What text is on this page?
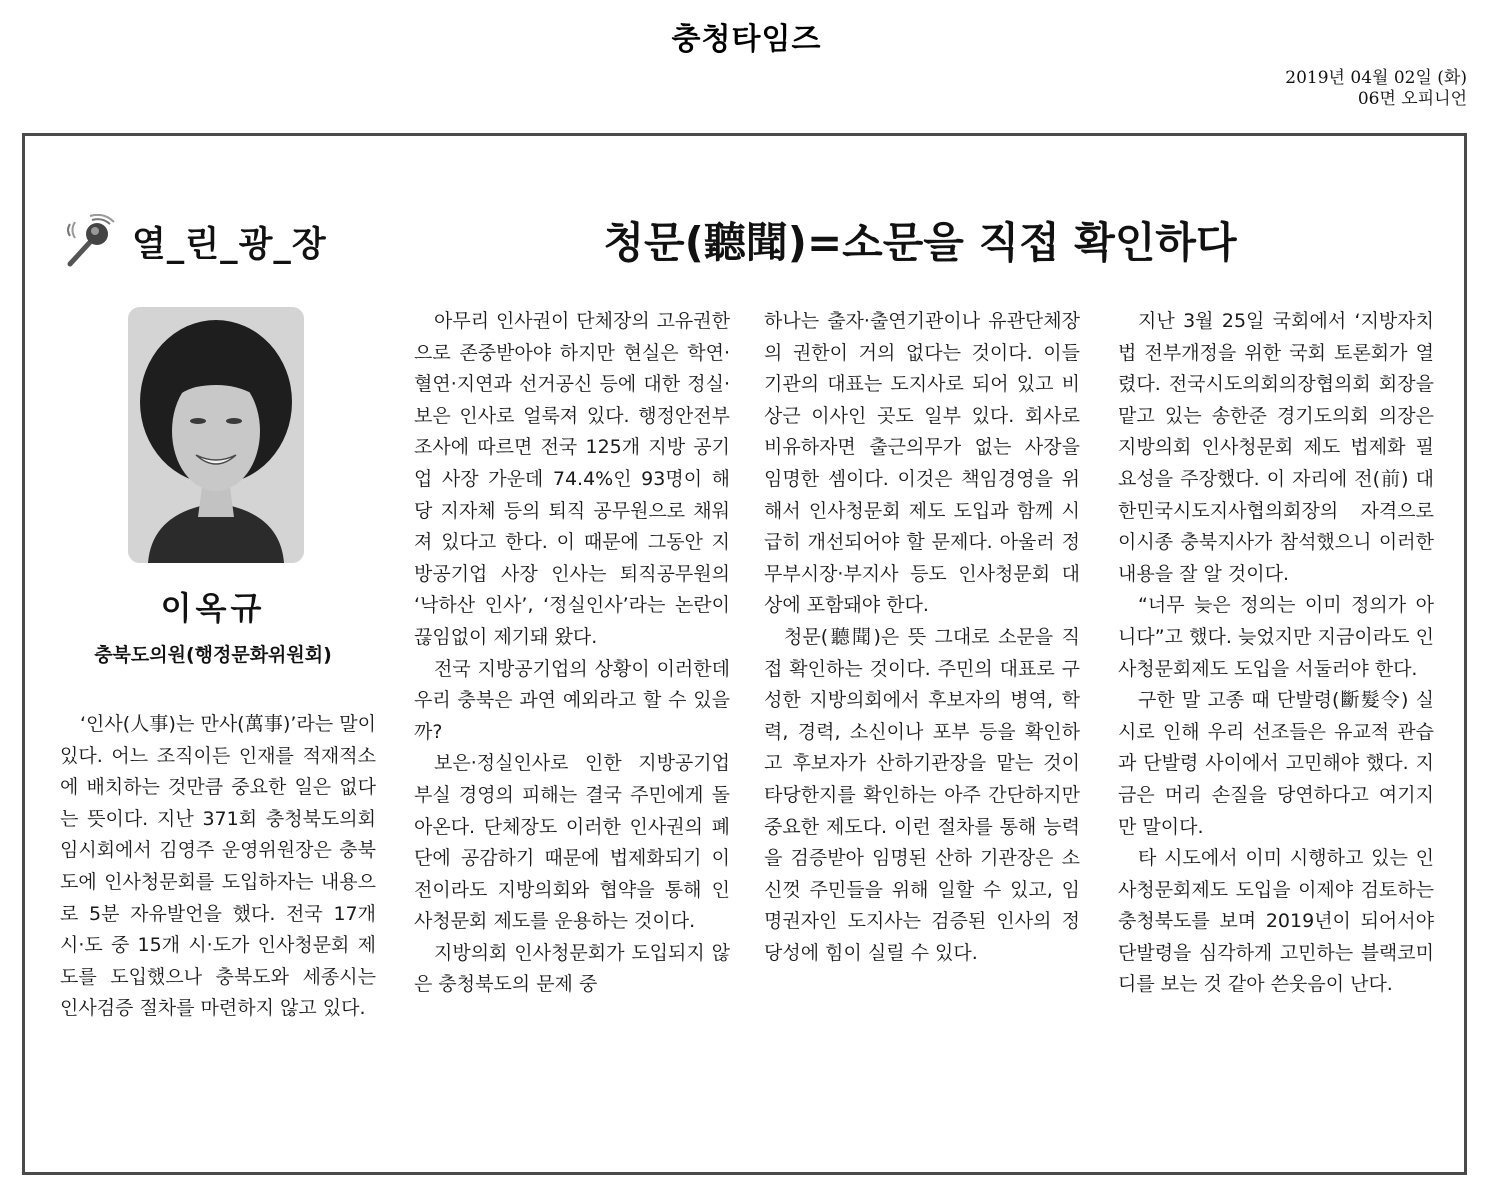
충청타임즈
2019년 04월 02일 (화)
06면 오피니언
열_린_광_장	청문(聽聞)=소문을 직접 확인하다
이옥규
충북도의원(행정문화위원회)

‘인사(人事)는 만사(萬事)’라는 말이 있다. 어느 조직이든 인재를 적재적소에 배치하는 것만큼 중요한 일은 없다는 뜻이다. 지난 371회 충청북도의회 임시회에서 김영주 운영위원장은 충북도에 인사청문회를 도입하자는 내용으로 5분 자유발언을 했다. 전국 17개 시·도 중 15개 시·도가 인사청문회 제도를 도입했으나 충북도와 세종시는 인사검증 절차를 마련하지 않고 있다.

아무리 인사권이 단체장의 고유권한으로 존중받아야 하지만 현실은 학연·혈연·지연과 선거공신 등에 대한 정실·보은 인사로 얼룩져 있다. 행정안전부 조사에 따르면 전국 125개 지방 공기업 사장 가운데 74.4%인 93명이 해당 지자체 등의 퇴직 공무원으로 채워져 있다고 한다. 이 때문에 그동안 지방공기업 사장 인사는 퇴직공무원의 ‘낙하산 인사’, ‘정실인사’라는 논란이 끊임없이 제기돼 왔다.

전국 지방공기업의 상황이 이러한데 우리 충북은 과연 예외라고 할 수 있을까?

보은·정실인사로 인한 지방공기업 부실 경영의 피해는 결국 주민에게 돌아온다. 단체장도 이러한 인사권의 폐단에 공감하기 때문에 법제화되기 이전이라도 지방의회와 협약을 통해 인사청문회 제도를 운용하는 것이다.

지방의회 인사청문회가 도입되지 않은 충청북도의 문제 중

하나는 출자·출연기관이나 유관단체장의 권한이 거의 없다는 것이다. 이들 기관의 대표는 도지사로 되어 있고 비상근 이사인 곳도 일부 있다. 회사로 비유하자면 출근의무가 없는 사장을 임명한 셈이다. 이것은 책임경영을 위해서 인사청문회 제도 도입과 함께 시급히 개선되어야 할 문제다. 아울러 정무부시장·부지사 등도 인사청문회 대상에 포함돼야 한다.

청문(聽聞)은 뜻 그대로 소문을 직접 확인하는 것이다. 주민의 대표로 구성한 지방의회에서 후보자의 병역, 학력, 경력, 소신이나 포부 등을 확인하고 후보자가 산하기관장을 맡는 것이 타당한지를 확인하는 아주 간단하지만 중요한 제도다. 이런 절차를 통해 능력을 검증받아 임명된 산하 기관장은 소신껏 주민들을 위해 일할 수 있고, 임명권자인 도지사는 검증된 인사의 정당성에 힘이 실릴 수 있다.

지난 3월 25일 국회에서 ‘지방자치법 전부개정을 위한 국회 토론회가 열렸다. 전국시도의회의장협의회 회장을 맡고 있는 송한준 경기도의회 의장은 지방의회 인사청문회 제도 법제화 필요성을 주장했다. 이 자리에 전(前) 대한민국시도지사협의회장의 자격으로 이시종 충북지사가 참석했으니 이러한 내용을 잘 알 것이다.

“너무 늦은 정의는 이미 정의가 아니다”고 했다. 늦었지만 지금이라도 인사청문회제도 도입을 서둘러야 한다.

구한 말 고종 때 단발령(斷髮令) 실시로 인해 우리 선조들은 유교적 관습과 단발령 사이에서 고민해야 했다. 지금은 머리 손질을 당연하다고 여기지만 말이다.

타 시도에서 이미 시행하고 있는 인사청문회제도 도입을 이제야 검토하는 충청북도를 보며 2019년이 되어서야 단발령을 심각하게 고민하는 블랙코미디를 보는 것 같아 쓴웃음이 난다.
